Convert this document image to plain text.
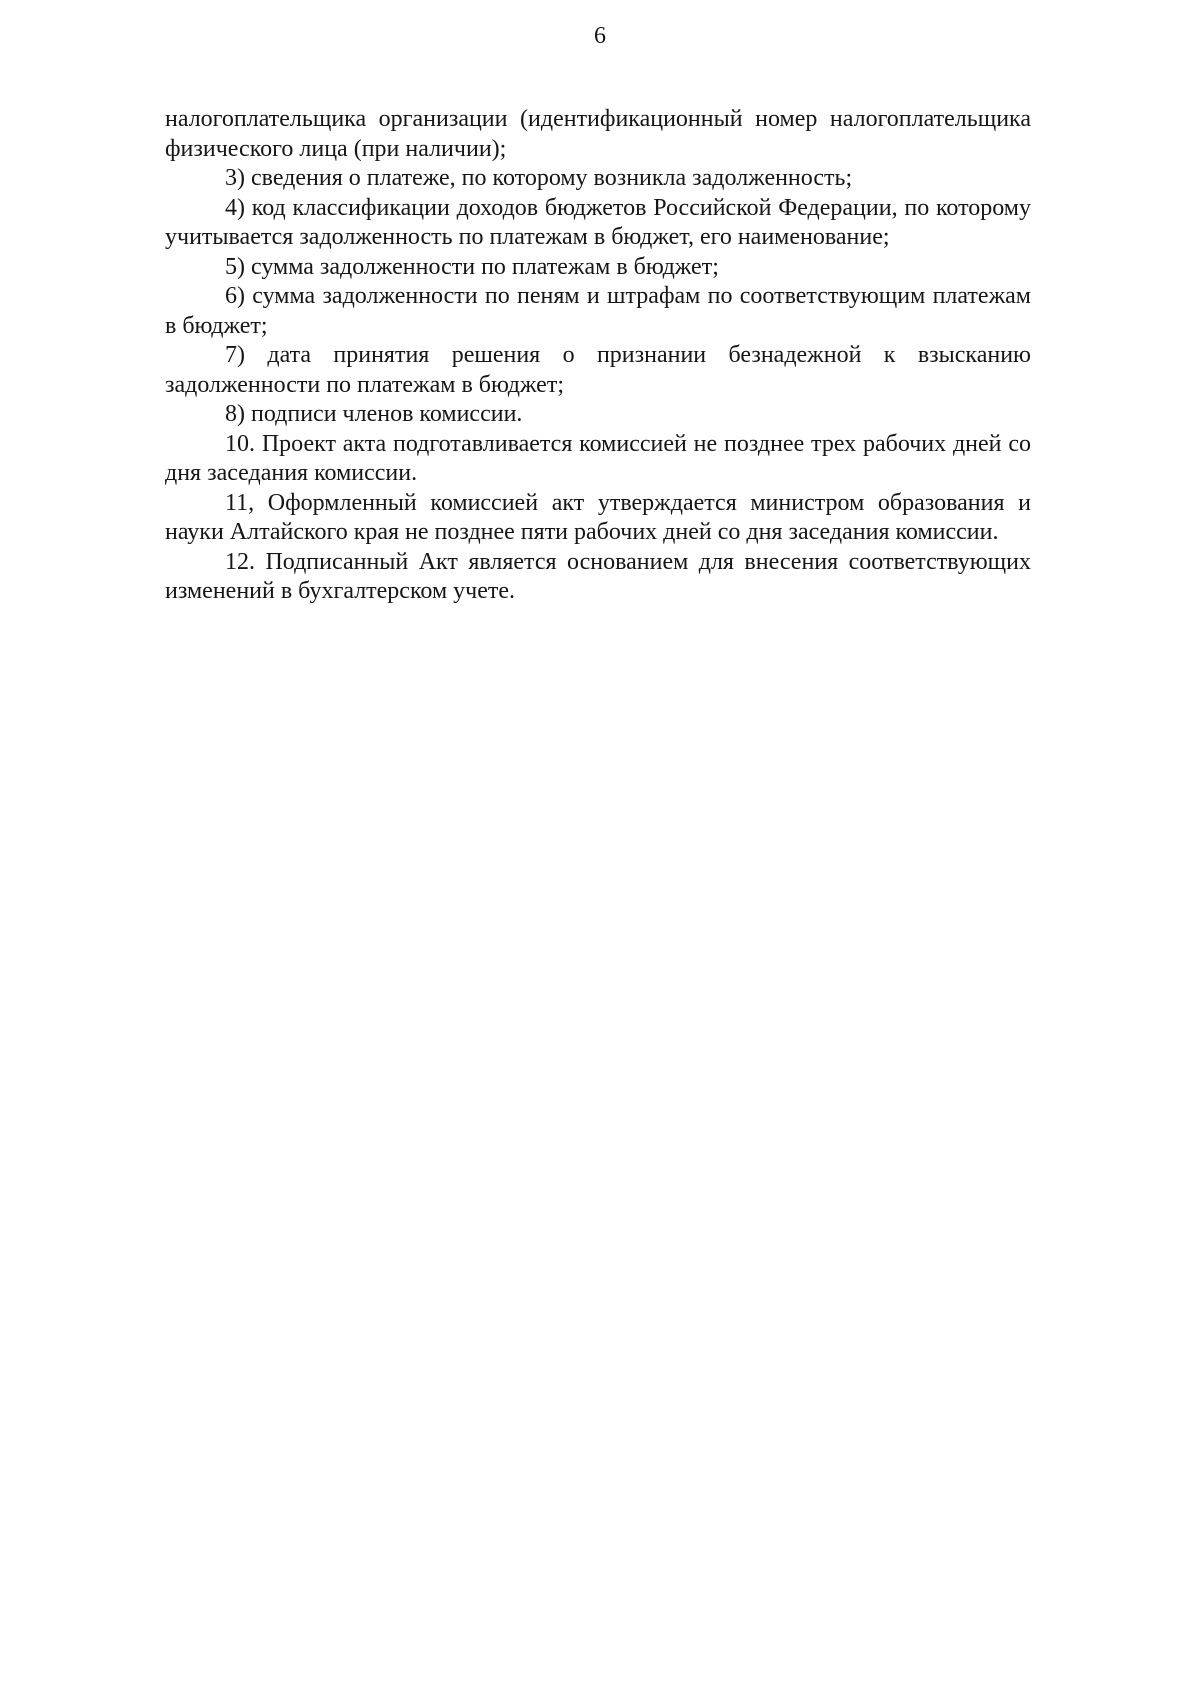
6

налогоплательщика организации (идентификационный номер налогоплательщика физического лица (при наличии);

3) сведения о платеже, по которому возникла задолженность;

4) код классификации доходов бюджетов Российской Федерации, по которому учитывается задолженность по платежам в бюджет, его наименование;

5) сумма задолженности по платежам в бюджет;

6) сумма задолженности по пеням и штрафам по соответствующим платежам в бюджет;

7) дата принятия решения о признании безнадежной к взысканию задолженности по платежам в бюджет;

8) подписи членов комиссии.

10. Проект акта подготавливается комиссией не позднее трех рабочих дней со дня заседания комиссии.

11, Оформленный комиссией акт утверждается министром образования и науки Алтайского края не позднее пяти рабочих дней со дня заседания комиссии.

12. Подписанный Акт является основанием для внесения соответствующих изменений в бухгалтерском учете.
